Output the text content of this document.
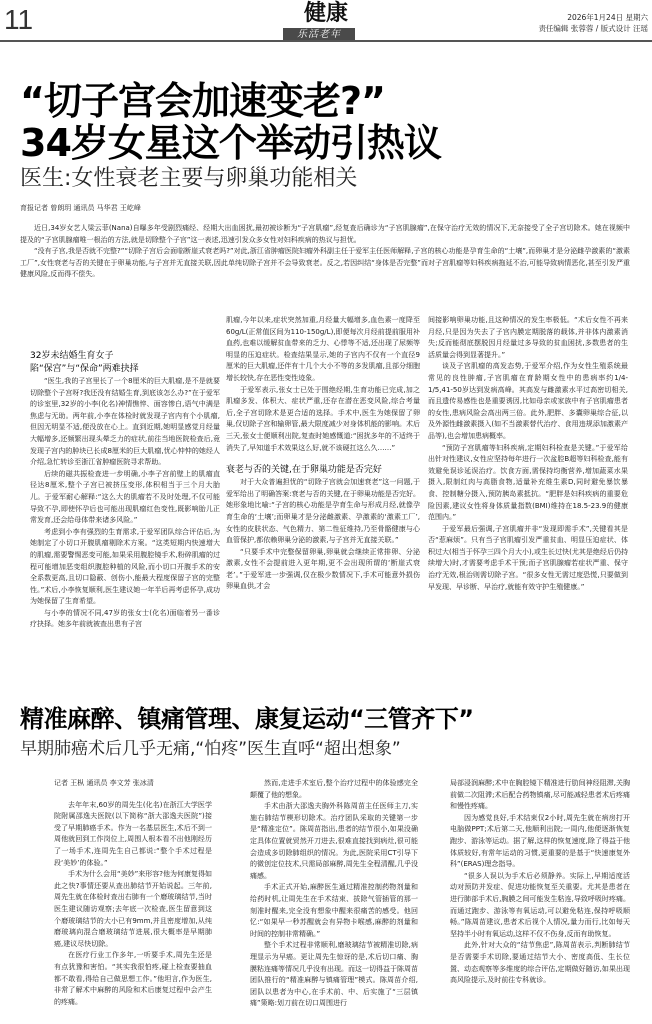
11	健康
乐活老年
2026年1月24日 星期六
责任编辑 张蓉蓉 / 版式设计 汪瑶
“切子宫会加速变老?”
34岁女星这个举动引热议
医生:女性衰老主要与卵巢功能相关
育报记者 曾朗玥 通讯员 马华君 王屹峰

近日,34岁女艺人梁云菲(Nana)自曝多年受剧烈痛经、经期大出血困扰,最初被诊断为“子宫肌瘤”,经复查后确诊为“子宫肌腺瘤”,在保守治疗无效的情况下,无奈接受了全子宫切除术。她在视频中提及的“子宫肌腺瘤唯一根治的方法,就是切除整个子宫”这一表述,迅速引发众多女性对妇科疾病的热议与担忧。

“没有子宫,我是否就不完整?”“切除子宫后会面临断崖式衰老吗?”对此,浙江省肿瘤医院妇瘤外科副主任于爱军主任医师解释,子宫的核心功能是孕育生命的“土壤”,而卵巢才是分泌雌孕激素的“激素工厂”,女性衰老与否的关键在于卵巢功能,与子宫并无直接关联,因此单纯切除子宫并不会导致衰老。反之,若因纠结“身体是否完整”而对子宫肌瘤等妇科疾病拖延不治,可能导致病情恶化,甚至引发严重健康风险,反而得不偿失。

32岁未结婚生育女子

陷“保宫”与“保命”两难抉择

“医生,我的子宫里长了一个8厘米的巨大肌瘤,是不是就要切除整个子宫呀?我还没有结婚生育,到底该怎么办?”在于爱军的诊室里,32岁的小李(化名)神情憔悴、面容惨白,语气中满是焦虑与无助。两年前,小李在体检时就发现子宫内有个小肌瘤,但因无明显不适,便没放在心上。直到近期,她明显感觉月经量大幅增多,还频繁出现头晕乏力的症状,前往当地医院检查后,竟发现子宫内的肿块已长成8厘米的巨大肌瘤,忧心忡忡的她经人介绍,急忙转诊至浙江省肿瘤医院寻求帮助。

后续的磁共振检查进一步明确,小李子宫前壁上的肌瘤直径达8厘米,整个子宫已被挤压变形,体积相当于三个月大胎儿。于爱军耐心解释:“这么大的肌瘤若不及时处理,不仅可能导致不孕,即使怀孕后也可能出现肌瘤红色变性,既影响胎儿正常发育,还会给母体带来诸多风险。”

考虑到小李有强烈的生育需求,于爱军团队综合评估后,为她制定了小切口开腹肌瘤剔除术方案。“这类短期内快速增大的肌瘤,需要警惕恶变可能,如果采用腹腔镜手术,粉碎肌瘤的过程可能增加恶变组织腹腔种植的风险,而小切口开腹手术的安全系数更高,且切口隐蔽、创伤小,能最大程度保留子宫的完整性。”术后,小李恢复顺利,医生建议她一年半后再考虑怀孕,成功为她保留了生育希望。

与小李的情况不同,47岁的张女士(化名)面临着另一番诊疗抉择。她多年前就被查出患有子宫

肌瘤,今年以来,症状突然加重,月经量大幅增多,血色素一度降至60g/L(正常值区间为110-150g/L),即便每次月经前提前服用补血药,也难以缓解贫血带来的乏力、心悸等不适,还出现了尿频等明显的压迫症状。检查结果显示,她的子宫内不仅有一个直径9厘米的巨大肌瘤,还伴有十几个大小不等的多发肌瘤,且部分细胞增长较快,存在恶性变性迹象。

于爱军表示,张女士已处于围绝经期,生育功能已完成,加之肌瘤多发、体积大、症状严重,还存在潜在恶变风险,综合考量后,全子宫切除术是更合适的选择。手术中,医生为她保留了卵巢,仅切除子宫和输卵管,最大限度减少对身体机能的影响。术后三天,张女士便顺利出院,复查时她感慨道:“困扰多年的不适终于消失了,早知道手术效果这么好,就不该硬扛这么久……”

衰老与否的关键,在于卵巢功能是否完好

对于大众普遍担忧的“切除子宫就会加速衰老”这一问题,于爱军给出了明确答案:衰老与否的关键,在于卵巢功能是否完好。她形象地比喻:“子宫的核心功能是孕育生命与形成月经,就像孕育生命的‘土壤’;而卵巢才是分泌雌激素、孕激素的‘激素工厂’,女性的皮肤状态、气色精力、第二性征维持,乃至骨骼健康与心血管保护,都依赖卵巢分泌的激素,与子宫并无直接关联。”

“只要手术中完整保留卵巢,卵巢就会继续正常排卵、分泌激素,女性不会提前进入更年期,更不会出现所谓的‘断崖式衰老’。”于爱军进一步强调,仅在极少数情况下,手术可能意外损伤卵巢血供,才会

间接影响卵巢功能,且这种情况的发生率极低。“术后女性不再来月经,只是因为失去了子宫内膜定期脱落的载体,并非体内激素消失;反而能彻底摆脱因月经量过多导致的贫血困扰,多数患者的生活质量会得到显著提升。”

谈及子宫肌瘤的高发态势,于爱军介绍,作为女性生殖系统最常见的良性肿瘤,子宫肌瘤在育龄期女性中的患病率约1/4-1/5,41-50岁达到发病高峰。其高发与雌激素水平过高密切相关,而且遗传易感性也是重要诱因,比如母亲或家族中有子宫肌瘤患者的女性,患病风险会高出两三倍。此外,肥胖、多囊卵巢综合征,以及外源性雌激素摄入(如不当激素替代治疗、食用违规添加激素产品等),也会增加患病概率。

“预防子宫肌瘤等妇科疾病,定期妇科检查是关键。”于爱军给出针对性建议,女性应坚持每年进行一次盆腔B超等妇科检查,能有效避免误诊延误治疗。饮食方面,需保持均衡营养,增加蔬菜水果摄入,限制红肉与高脂食物,适量补充维生素D,同时避免暴饮暴食、控制糖分摄入,预防胰岛素抵抗。“肥胖是妇科疾病的重要危险因素,建议女性将身体质量指数(BMI)维持在18.5-23.9的健康范围内。”

于爱军最后强调,子宫肌瘤并非“发现即需手术”,关键看其是否“惹麻烦”。只有当子宫肌瘤引发严重贫血、明显压迫症状、体积过大(相当于怀孕三四个月大小),或生长过快(尤其是绝经后仍持续增大)时,才需要考虑手术干预;而子宫肌腺瘤若症状严重、保守治疗无效,根治则需切除子宫。“很多女性无需过度恐慌,只要做到早发现、早诊断、早治疗,就能有效守护生殖健康。”

精准麻醉、镇痛管理、康复运动“三管齐下”
早期肺癌术后几乎无痛,“怕疼”医生直呼“超出想象”

记者 王枞 通讯员 李文芳 张冰清

去年年末,60岁的周先生(化名)在浙江大学医学院附属邵逸夫医院(以下简称“浙大邵逸夫医院”)接受了早期肺癌手术。作为一名基层医生,术后不到一周他就回到工作岗位上,周围人根本看不出他刚经历了一场手术,连周先生自己都说:“整个手术过程是段‘美妙’的体验。”

手术为什么会用“美妙”来形容?他为何康复得如此之快?事情还要从查出肺结节开始说起。三年前,周先生就在体检时查出右肺有一个磨玻璃结节,当时医生建议随访观察;去年底一次检查,医生留意到这个磨玻璃结节的大小已有9mm,并且密度增加,从纯磨玻璃向混合磨玻璃结节进展,很大概率是早期肺癌,建议尽快切除。

在医疗行业工作多年,一听要手术,周先生还是有点犹豫和害怕。“其实我很怕疼,碰上检查要抽血都不敢看,得给自己做思想工作。”他坦言,作为医生,非常了解术中麻醉的风险和术后康复过程中会产生的疼痛。

然而,走进手术室后,整个治疗过程中的体验感完全颠覆了他的想象。

手术由浙大邵逸夫胸外科陈周苗主任医师主刀,实施右肺结节楔形切除术。治疗团队采取的关键第一步是“精准定位”。陈周苗指出,患者的结节很小,如果没确定具体位置就贸然开刀进去,很难直接找到病灶,很可能会造成多切除肺组织的情况。为此,医院采用CT引导下的微创定位技术,只需局部麻醉,周先生全程清醒,几乎没痛感。

手术正式开始,麻醉医生通过精准控制药物剂量和给药时机,让周先生在手术结束、拔除气管插管的那一刻准时醒来,完全没有想象中醒来很痛苦的感受。他回忆:“如果早一秒苏醒就会有异物卡喉感,麻醉的剂量和时间的控制非常精确。”

整个手术过程非常顺利,磨玻璃结节被精准切除,病理显示为早癌。更让周先生惊讶的是,术后切口痛、胸膜粘连痛等情况几乎没有出现。而这一切得益于陈周苗团队推行的“精准麻醉与镇痛管理”模式。陈周苗介绍,团队以患者为中心,在手术前、中、后实施了“三层镇痛”策略:划刀前在切口周围进行

局部浸润麻醉;术中在胸腔镜下精准进行肋间神经阻滞,关胸前做二次阻滞;术后配合药物镇痛,尽可能减轻患者术后疼痛和慢性疼痛。

因为感觉良好,手术结束仅2小时,周先生就在病房打开电脑做PPT;术后第二天,他顺利出院;一周内,他便逐渐恢复跑步、游泳等运动。据了解,这样的恢复速度,除了得益于他体质较好,有常年运动的习惯,更重要的是基于“快速康复外科”(ERAS)理念指导。

“很多人误以为手术后必须静养。实际上,早期适度活动对预防并发症、促进功能恢复至关重要。尤其是患者在进行肺部手术后,胸膜之间可能发生粘连,导致呼吸时疼痛。而通过跑步、游泳等有氧运动,可以避免粘连,保持呼吸顺畅。”陈周苗建议,患者术后视个人情况,量力而行,比如每天坚持半小时有氧运动,这样不仅不伤身,反而有助恢复。

此外,针对大众的“结节焦虑”,陈周苗表示,判断肺结节是否需要手术切除,要通过结节大小、密度高低、生长位置、动态观察等多维度的综合评估,定期做好随访,如果出现高风险提示,及时前往专科就诊。
